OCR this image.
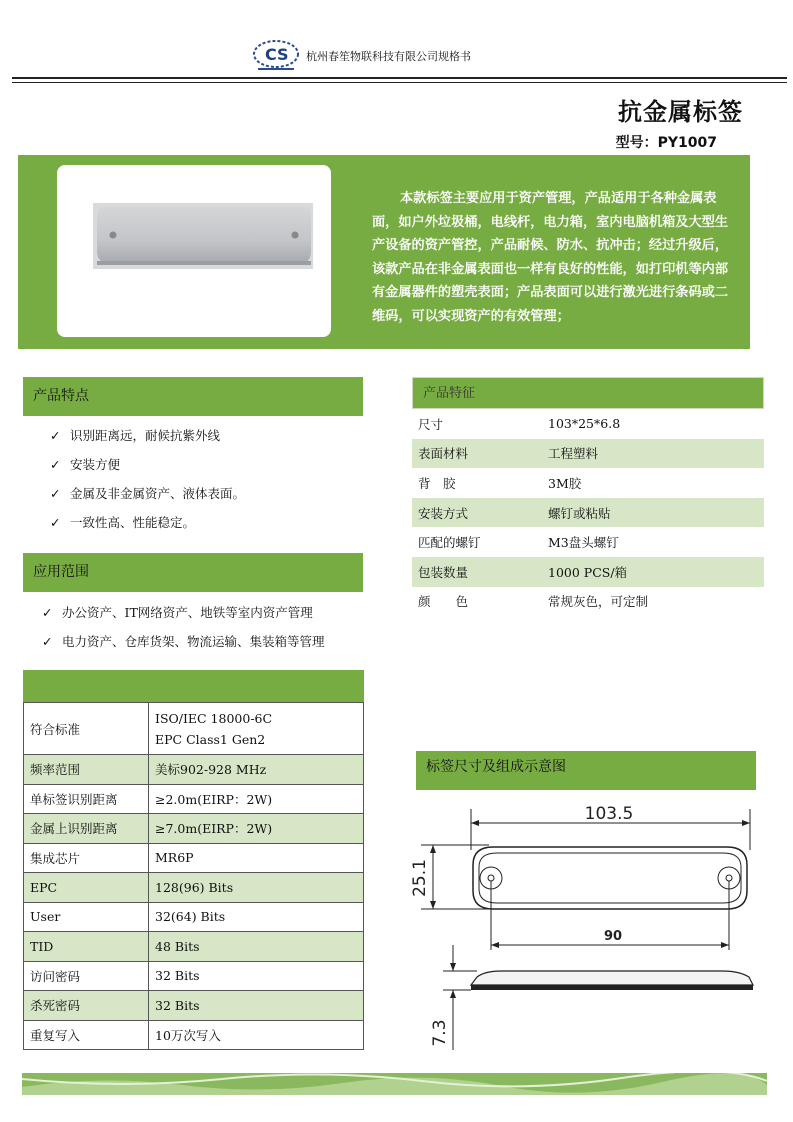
CS 杭州春笙物联科技有限公司规格书
抗金属标签
型号：PY1007
本款标签主要应用于资产管理，产品适用于各种金属表面，如户外垃圾桶，电线杆，电力箱，室内电脑机箱及大型生产设备的资产管控，产品耐候、防水、抗冲击；经过升级后，该款产品在非金属表面也一样有良好的性能，如打印机等内部有金属器件的塑壳表面；产品表面可以进行激光进行条码或二维码，可以实现资产的有效管理；
产品特点
✓ 识别距离远，耐候抗紫外线
✓ 安装方便
✓ 金属及非金属资产、液体表面。
✓ 一致性高、性能稳定。
应用范围
✓ 办公资产、IT网络资产、地铁等室内资产管理
✓ 电力资产、仓库货架、物流运输、集装箱等管理
产品特征
尺寸	103*25*6.8
表面材料	工程塑料
背　胶	3M胶
安装方式	螺钉或粘贴
匹配的螺钉	M3盘头螺钉
包装数量	1000 PCS/箱
颜　　色	常规灰色，可定制
符合标准	ISO/IEC 18000-6C
EPC Class1 Gen2

频率范围	美标902-928 MHz
单标签识别距离	≥2.0m(EIRP：2W)
金属上识别距离	≥7.0m(EIRP：2W)
集成芯片	MR6P
EPC	128(96) Bits
User	32(64) Bits
TID	48 Bits
访问密码	32 Bits
杀死密码	32 Bits
重复写入	10万次写入
标签尺寸及组成示意图
103.5
25.1
90
7.3
